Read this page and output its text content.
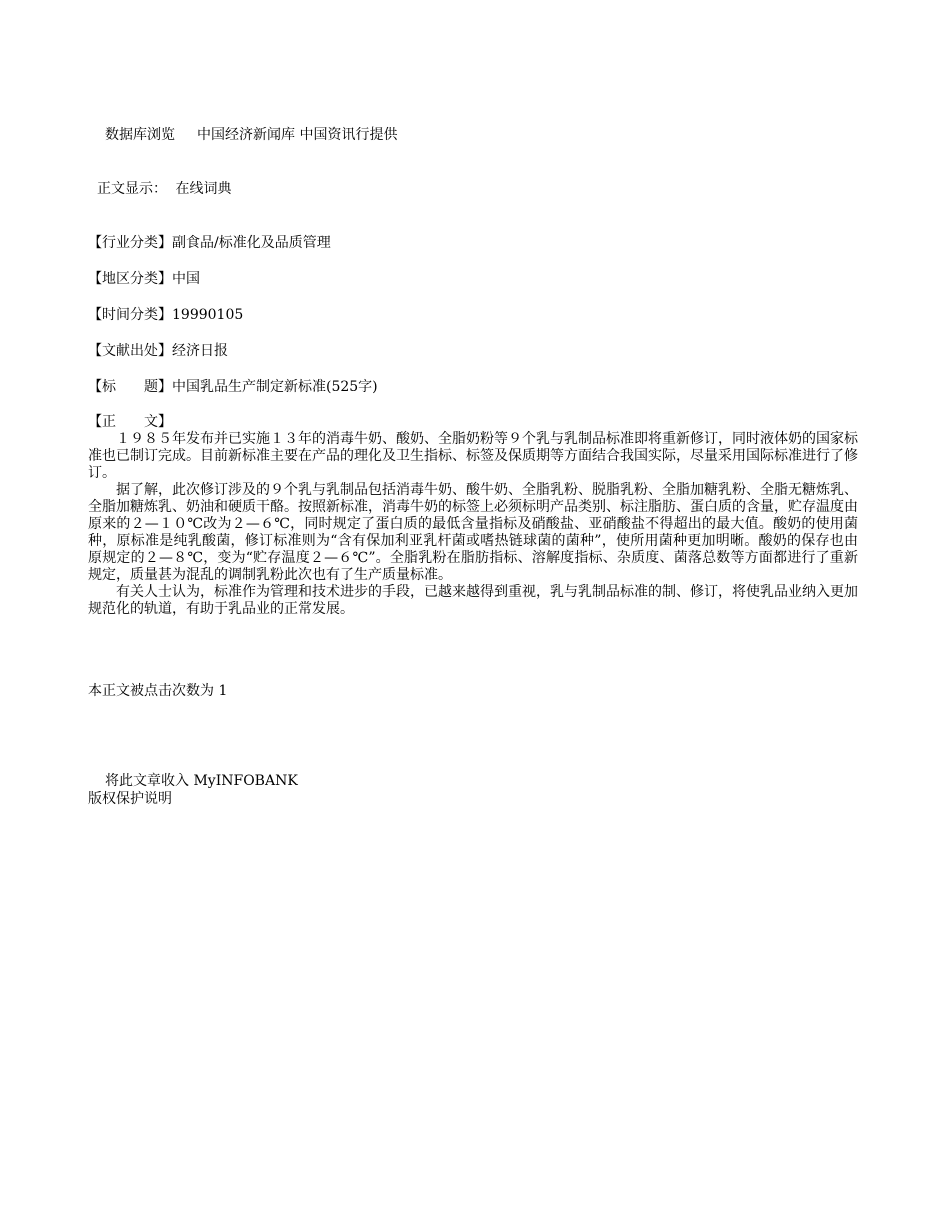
数据库浏览 中国经济新闻库 中国资讯行提供
正文显示： 在线词典
【行业分类】副食品/标准化及品质管理
【地区分类】中国
【时间分类】19990105
【文献出处】经济日报
【标　　题】中国乳品生产制定新标准(525字)
【正　　文】

１９８５年发布并已实施１３年的消毒牛奶、酸奶、全脂奶粉等９个乳与乳制品标准即将重新修订，同时液体奶的国家标准也已制订完成。目前新标准主要在产品的理化及卫生指标、标签及保质期等方面结合我国实际，尽量采用国际标准进行了修订。

据了解，此次修订涉及的９个乳与乳制品包括消毒牛奶、酸牛奶、全脂乳粉、脱脂乳粉、全脂加糖乳粉、全脂无糖炼乳、全脂加糖炼乳、奶油和硬质干酪。按照新标准，消毒牛奶的标签上必须标明产品类别、标注脂肪、蛋白质的含量，贮存温度由原来的２—１０℃改为２—６℃，同时规定了蛋白质的最低含量指标及硝酸盐、亚硝酸盐不得超出的最大值。酸奶的使用菌种，原标准是纯乳酸菌，修订标准则为“含有保加利亚乳杆菌或嗜热链球菌的菌种”，使所用菌种更加明晰。酸奶的保存也由原规定的２—８℃，变为“贮存温度２—６℃”。全脂乳粉在脂肪指标、溶解度指标、杂质度、菌落总数等方面都进行了重新规定，质量甚为混乱的调制乳粉此次也有了生产质量标准。

有关人士认为，标准作为管理和技术进步的手段，已越来越得到重视，乳与乳制品标准的制、修订，将使乳品业纳入更加规范化的轨道，有助于乳品业的正常发展。

本正文被点击次数为 1
将此文章收入 MyINFOBANK
版权保护说明
